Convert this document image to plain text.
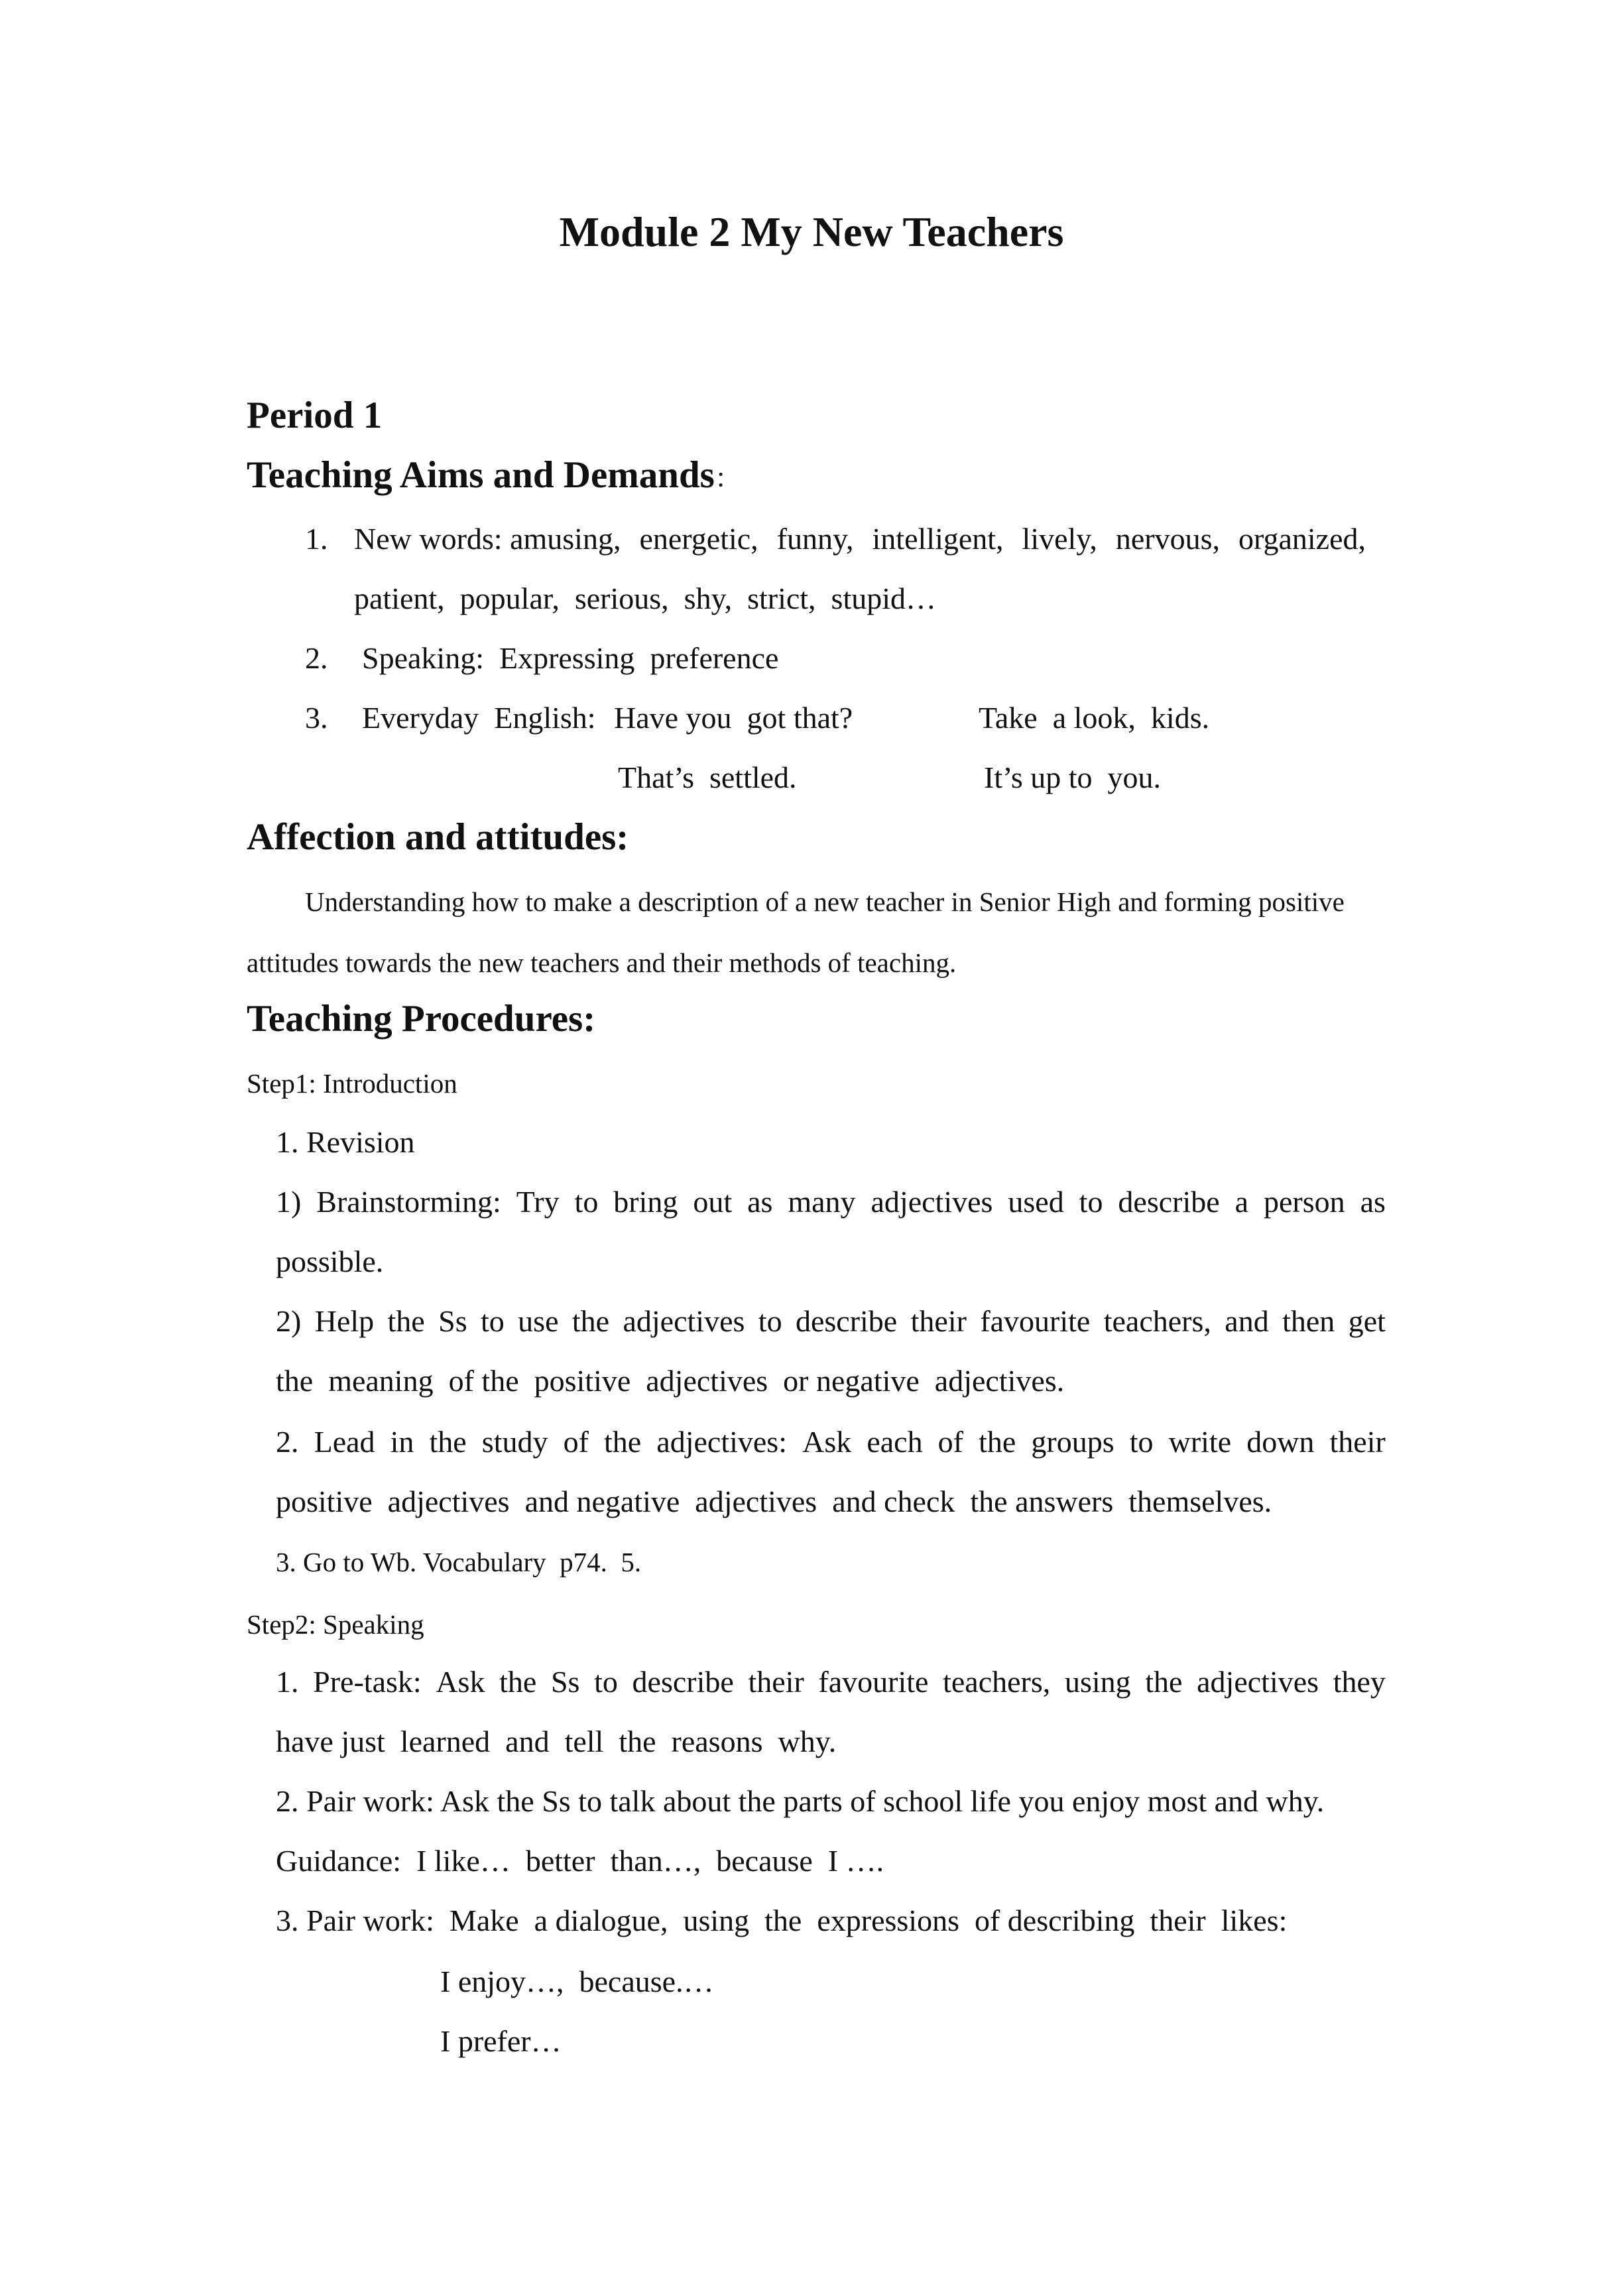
Module 2 My New Teachers
Period 1
Teaching Aims and Demands：
1. New words: amusing, energetic, funny, intelligent, lively, nervous, organized,
patient,  popular,  serious,  shy,  strict,  stupid…
2. Speaking:  Expressing  preference
3. Everyday  English: Have you  got that?	Take  a look,  kids.
That’s  settled.	It’s up to  you.
Affection and attitudes:
Understanding how to make a description of a new teacher in Senior High and forming positive
attitudes towards the new teachers and their methods of teaching.
Teaching Procedures:
Step1: Introduction
1. Revision
1) Brainstorming: Try to bring out as many adjectives used to describe a person as
possible.
2) Help the Ss to use the adjectives to describe their favourite teachers, and then get
the  meaning  of the  positive  adjectives  or negative  adjectives.
2. Lead in the study of the adjectives: Ask each of the groups to write down their
positive  adjectives  and negative  adjectives  and check  the answers  themselves.
3. Go to Wb. Vocabulary  p74.  5.
Step2: Speaking
1. Pre-task: Ask the Ss to describe their favourite teachers, using the adjectives they
have just  learned  and  tell  the  reasons  why.
2. Pair work: Ask the Ss to talk about the parts of school life you enjoy most and why.
Guidance:  I like…  better  than…,  because  I ….
3. Pair work:  Make  a dialogue,  using  the  expressions  of describing  their  likes:
I enjoy…,  because.…
I prefer…
